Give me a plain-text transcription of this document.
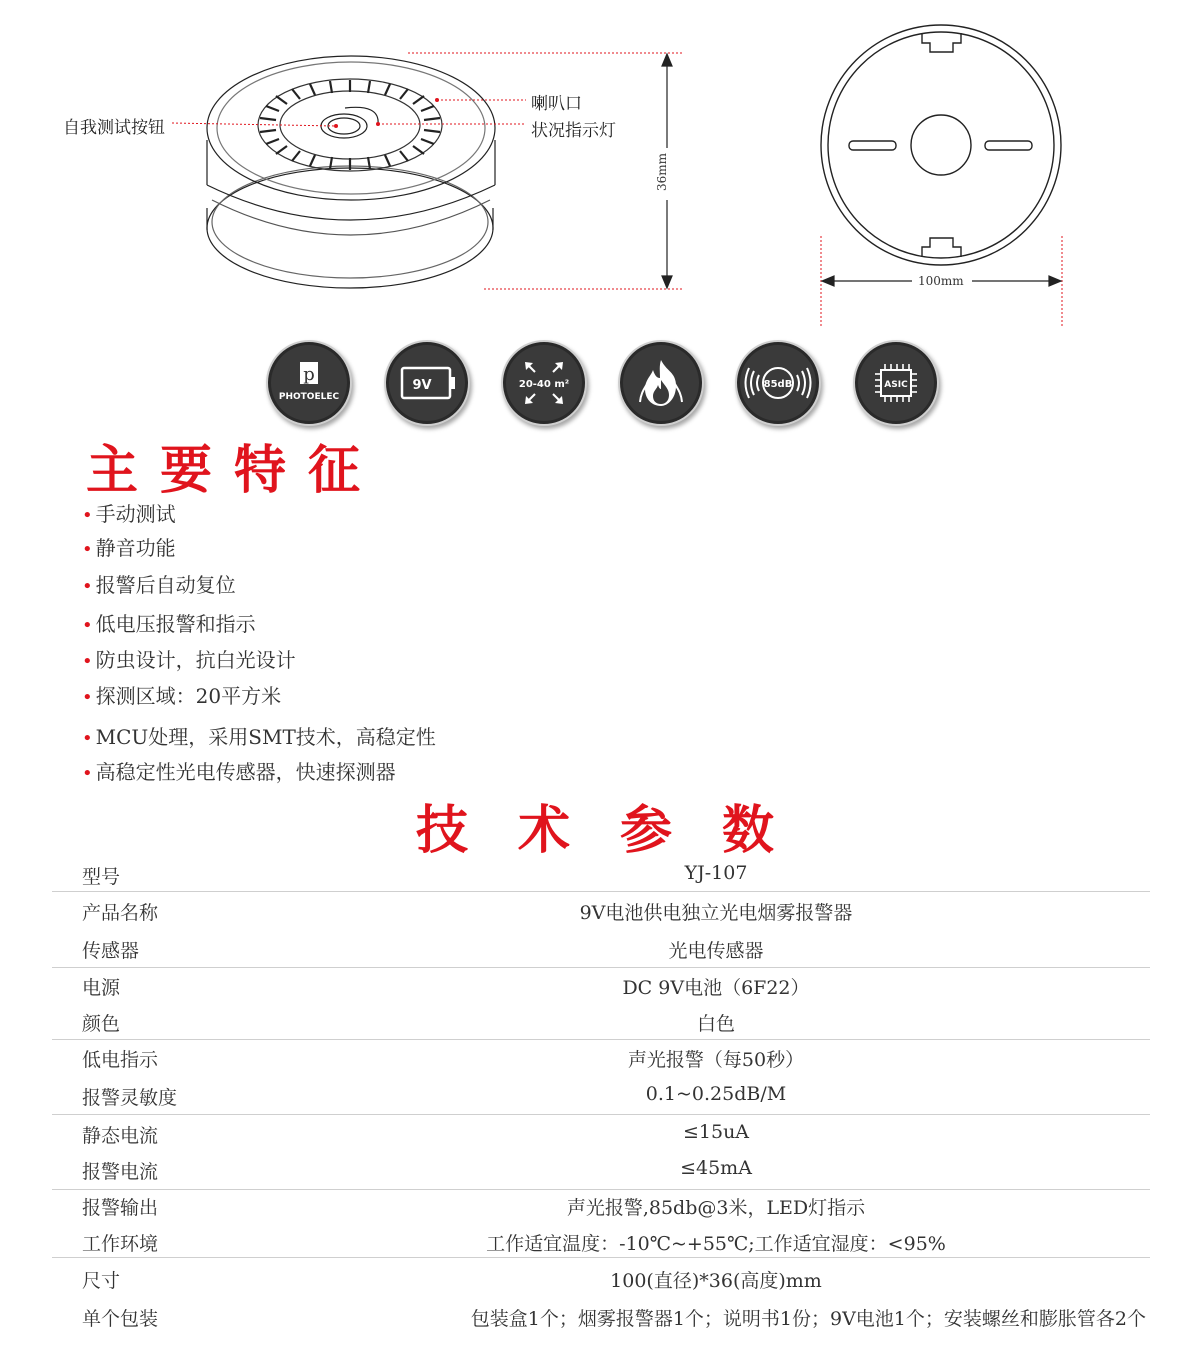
自我测试按钮
喇叭口
状况指示灯
36mm
100mm
p
PHOTOELEC
9V	20-40 m²	85dB	ASIC
主要特征
• 手动测试
• 静音功能
• 报警后自动复位
• 低电压报警和指示
• 防虫设计，抗白光设计
• 探测区域：20平方米
• MCU处理，采用SMT技术，高稳定性
• 高稳定性光电传感器，快速探测器
技术参数
型号	YJ-107
产品名称	9V电池供电独立光电烟雾报警器
传感器	光电传感器
电源	DC 9V电池（6F22）
颜色	白色
低电指示	声光报警（每50秒）
报警灵敏度	0.1~0.25dB/M
静态电流	≤15uA
报警电流	≤45mA
报警输出	声光报警,85db@3米，LED灯指示
工作环境	工作适宜温度：-10℃~+55℃;工作适宜湿度：<95%
尺寸	100(直径)*36(高度)mm
单个包装	包装盒1个；烟雾报警器1个；说明书1份；9V电池1个；安装螺丝和膨胀管各2个
